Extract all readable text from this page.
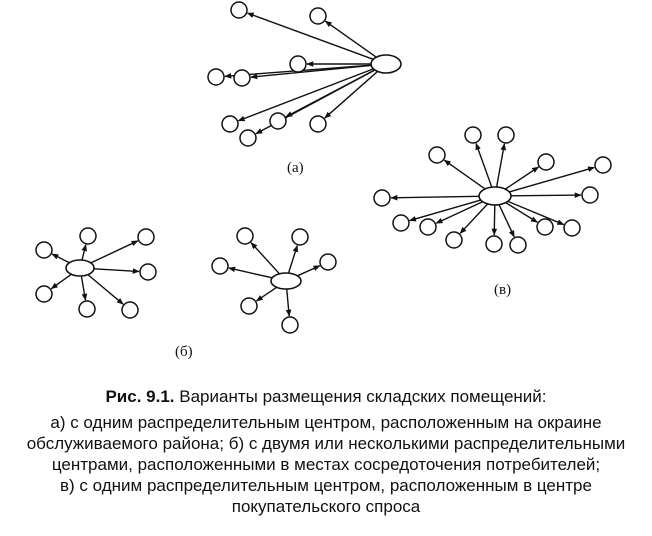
(а)
(б)
(в)
Рис. 9.1. Варианты размещения складских помещений:
а) с одним распределительным центром, расположенным на окраине
обслуживаемого района; б) с двумя или несколькими распределительными
центрами, расположенными в местах сосредоточения потребителей;
в) с одним распределительным центром, расположенным в центре
покупательского спроса
